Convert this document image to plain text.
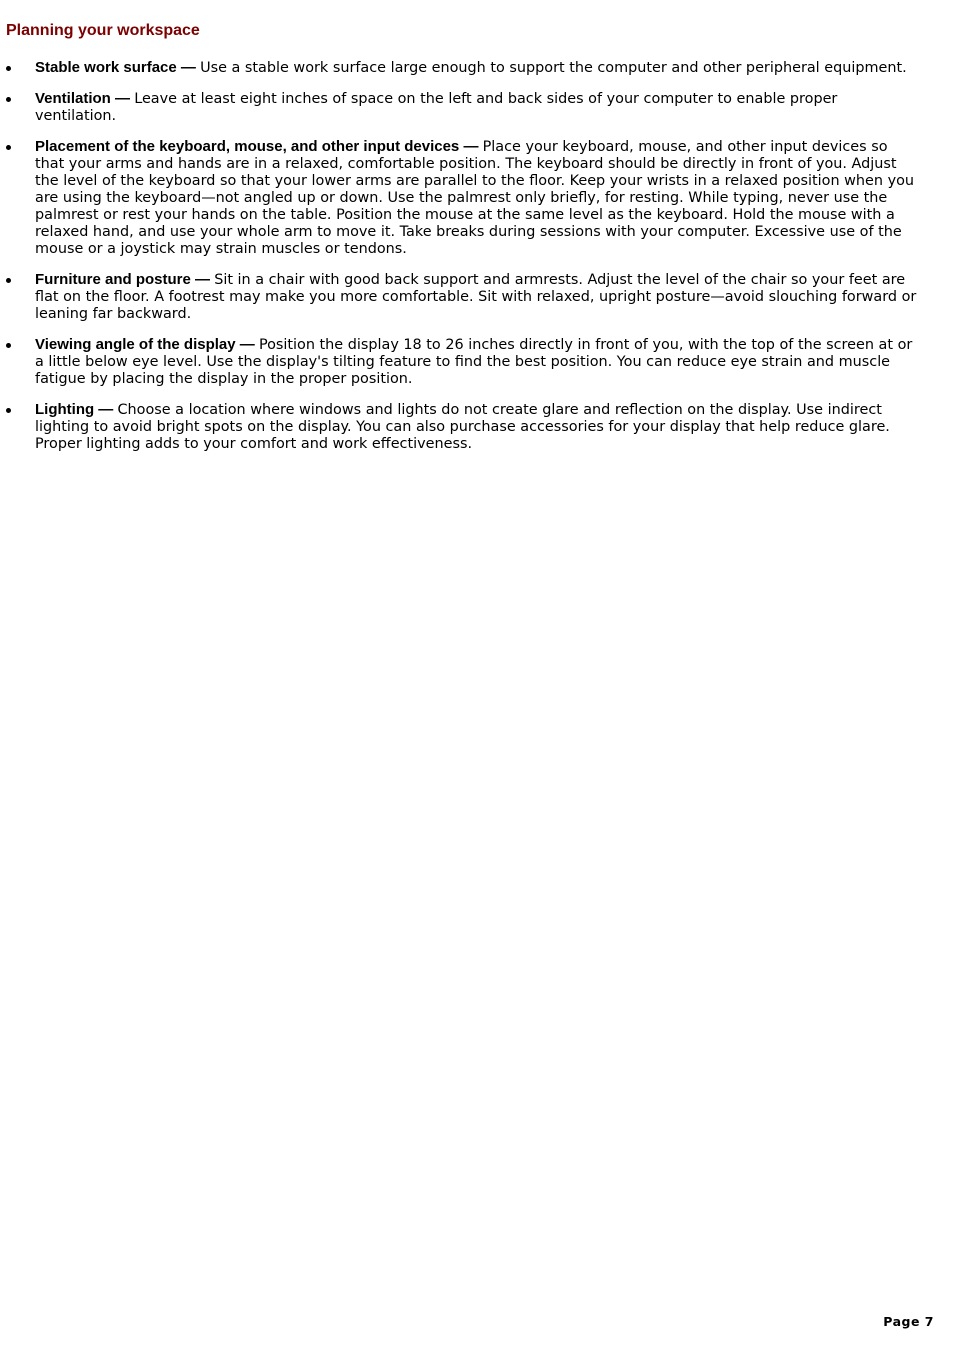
Planning your workspace
Stable work surface — Use a stable work surface large enough to support the computer and other peripheral equipment.
Ventilation — Leave at least eight inches of space on the left and back sides of your computer to enable proper ventilation.
Placement of the keyboard, mouse, and other input devices — Place your keyboard, mouse, and other input devices so that your arms and hands are in a relaxed, comfortable position. The keyboard should be directly in front of you. Adjust the level of the keyboard so that your lower arms are parallel to the floor. Keep your wrists in a relaxed position when you are using the keyboard—not angled up or down. Use the palmrest only briefly, for resting. While typing, never use the palmrest or rest your hands on the table. Position the mouse at the same level as the keyboard. Hold the mouse with a relaxed hand, and use your whole arm to move it. Take breaks during sessions with your computer. Excessive use of the mouse or a joystick may strain muscles or tendons.
Furniture and posture — Sit in a chair with good back support and armrests. Adjust the level of the chair so your feet are flat on the floor. A footrest may make you more comfortable. Sit with relaxed, upright posture—avoid slouching forward or leaning far backward.
Viewing angle of the display — Position the display 18 to 26 inches directly in front of you, with the top of the screen at or a little below eye level. Use the display's tilting feature to find the best position. You can reduce eye strain and muscle fatigue by placing the display in the proper position.
Lighting — Choose a location where windows and lights do not create glare and reflection on the display. Use indirect lighting to avoid bright spots on the display. You can also purchase accessories for your display that help reduce glare. Proper lighting adds to your comfort and work effectiveness.
Page 7
